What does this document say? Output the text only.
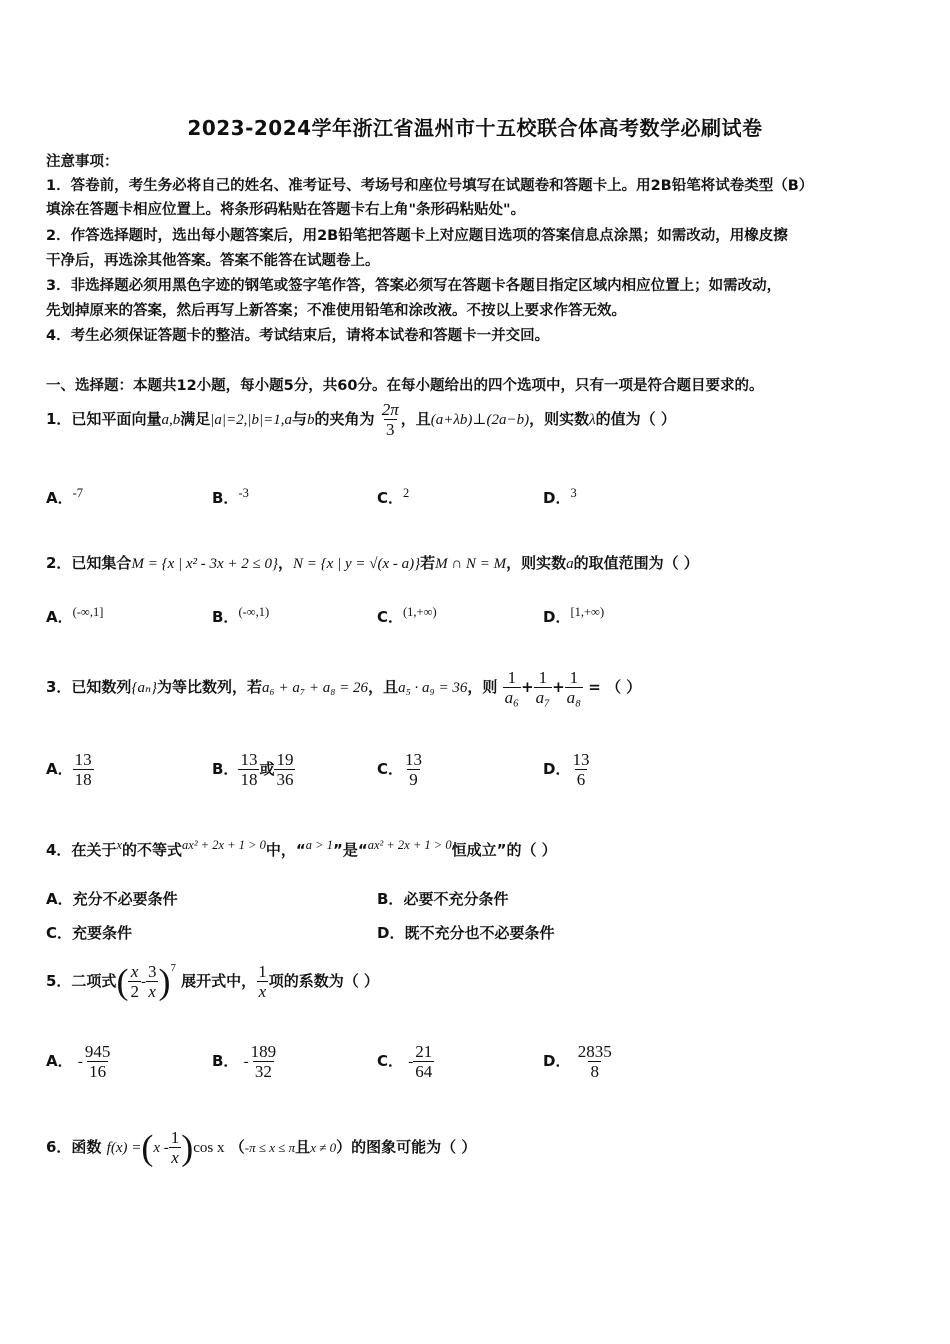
2023-2024学年浙江省温州市十五校联合体高考数学必刷试卷
注意事项：
1．答卷前，考生务必将自己的姓名、准考证号、考场号和座位号填写在试题卷和答题卡上。用2B铅笔将试卷类型（B）
填涂在答题卡相应位置上。将条形码粘贴在答题卡右上角"条形码粘贴处"。
2．作答选择题时，选出每小题答案后，用2B铅笔把答题卡上对应题目选项的答案信息点涂黑；如需改动，用橡皮擦
干净后，再选涂其他答案。答案不能答在试题卷上。
3．非选择题必须用黑色字迹的钢笔或签字笔作答，答案必须写在答题卡各题目指定区域内相应位置上；如需改动，
先划掉原来的答案，然后再写上新答案；不准使用铅笔和涂改液。不按以上要求作答无效。
4．考生必须保证答题卡的整洁。考试结束后，请将本试卷和答题卡一并交回。
一、选择题：本题共12小题，每小题5分，共60分。在每小题给出的四个选项中，只有一项是符合题目要求的。
1．已知平面向量a,b满足|a|=2,|b|=1,a与b的夹角为 $\frac{2\pi}{3}$ ，且(a+λb)⊥(2a−b)，则实数λ的值为（ ）
A．$^{-7}$	B．$^{-3}$	C．$^2$	D．$^3$
2．已知集合M = {x | x² - 3x + 2 ≤ 0}，N = {x | y = √(x - a)}若M ∩ N = M，则实数a的取值范围为（ ）
A．$^{(-\infty,1]}$	B．$^{(-\infty,1)}$	C．$^{(1,+\infty)}$	D．$^{[1,+\infty)}$
3．已知数列{aₙ}为等比数列，若a₆ + a₇ + a₈ = 26，且a₅ · a₉ = 36，则 $\frac{1}{\text{a₆}} + \frac{1}{\text{a₇}} + \frac{1}{\text{a₈}}$ = （ ）
A． $\frac{13}{18}$	B． $\frac{13}{18}$ 或 $\frac{19}{36}$	C． $\frac{13}{9}$	D． $\frac{13}{6}$
4．在关于$^x$的不等式$^{ax^2 + 2x + 1 > 0}$中，“$^{a > 1}$”是“$^{ax^2 + 2x + 1 > 0}$恒成立”的（ ）
A．充分不必要条件	B．必要不充分条件
C．充要条件	D．既不充分也不必要条件
5．二项式( $\frac{x}{2} - \frac{3}{x} )^7$ 展开式中， $\frac{1}{x}$ 项的系数为（ ）
A． - $\frac{945}{16}$	B． - $\frac{189}{32}$	C． - $\frac{21}{64}$	D． $\frac{2835}{8}$
6．函数 $f(x) =(x - \frac{1}{x} )\cos$ x （-π ≤ x ≤ π且x ≠ 0）的图象可能为（ ）
